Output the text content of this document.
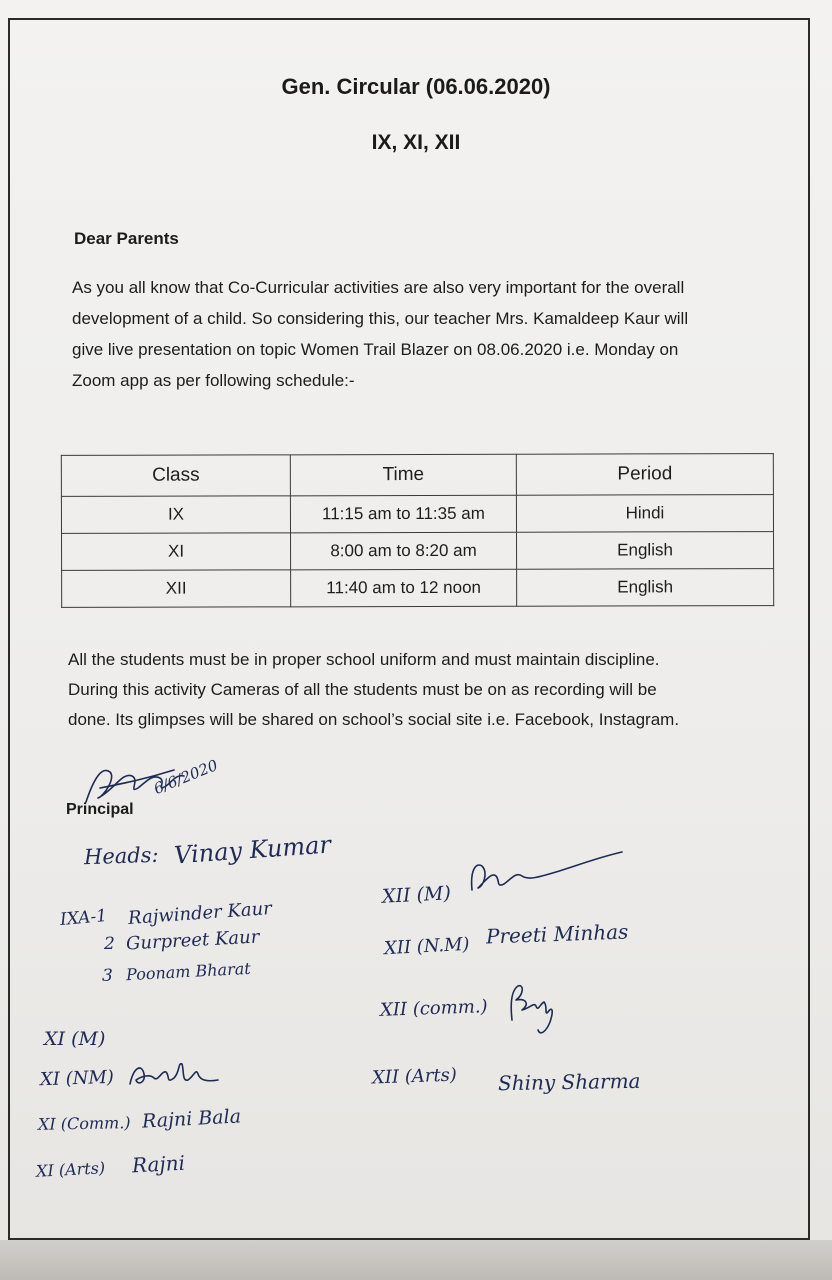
Gen. Circular (06.06.2020)
IX, XI, XII
Dear Parents
As you all know that Co-Curricular activities are also very important for the overall
development of a child. So considering this, our teacher Mrs. Kamaldeep Kaur will
give live presentation on topic Women Trail Blazer on 08.06.2020 i.e. Monday on
Zoom app as per following schedule:-
Class	Time	Period
IX	11:15 am to 11:35 am	Hindi
XI	8:00 am to 8:20 am	English
XII	11:40 am to 12 noon	English
All the students must be in proper school uniform and must maintain discipline.
During this activity Cameras of all the students must be on as recording will be
done. Its glimpses will be shared on school’s social site i.e. Facebook, Instagram.
6/6/2020
Principal
Heads: Vinay Kumar
IXA-1 Rajwinder Kaur
2 Gurpreet Kaur
3 Poonam Bharat
XI (M)
XI (NM)
XI (Comm.) Rajni Bala
XI (Arts) Rajni
XII (M)
XII (N.M) Preeti Minhas
XII (comm.)
XII (Arts) Shiny Sharma
